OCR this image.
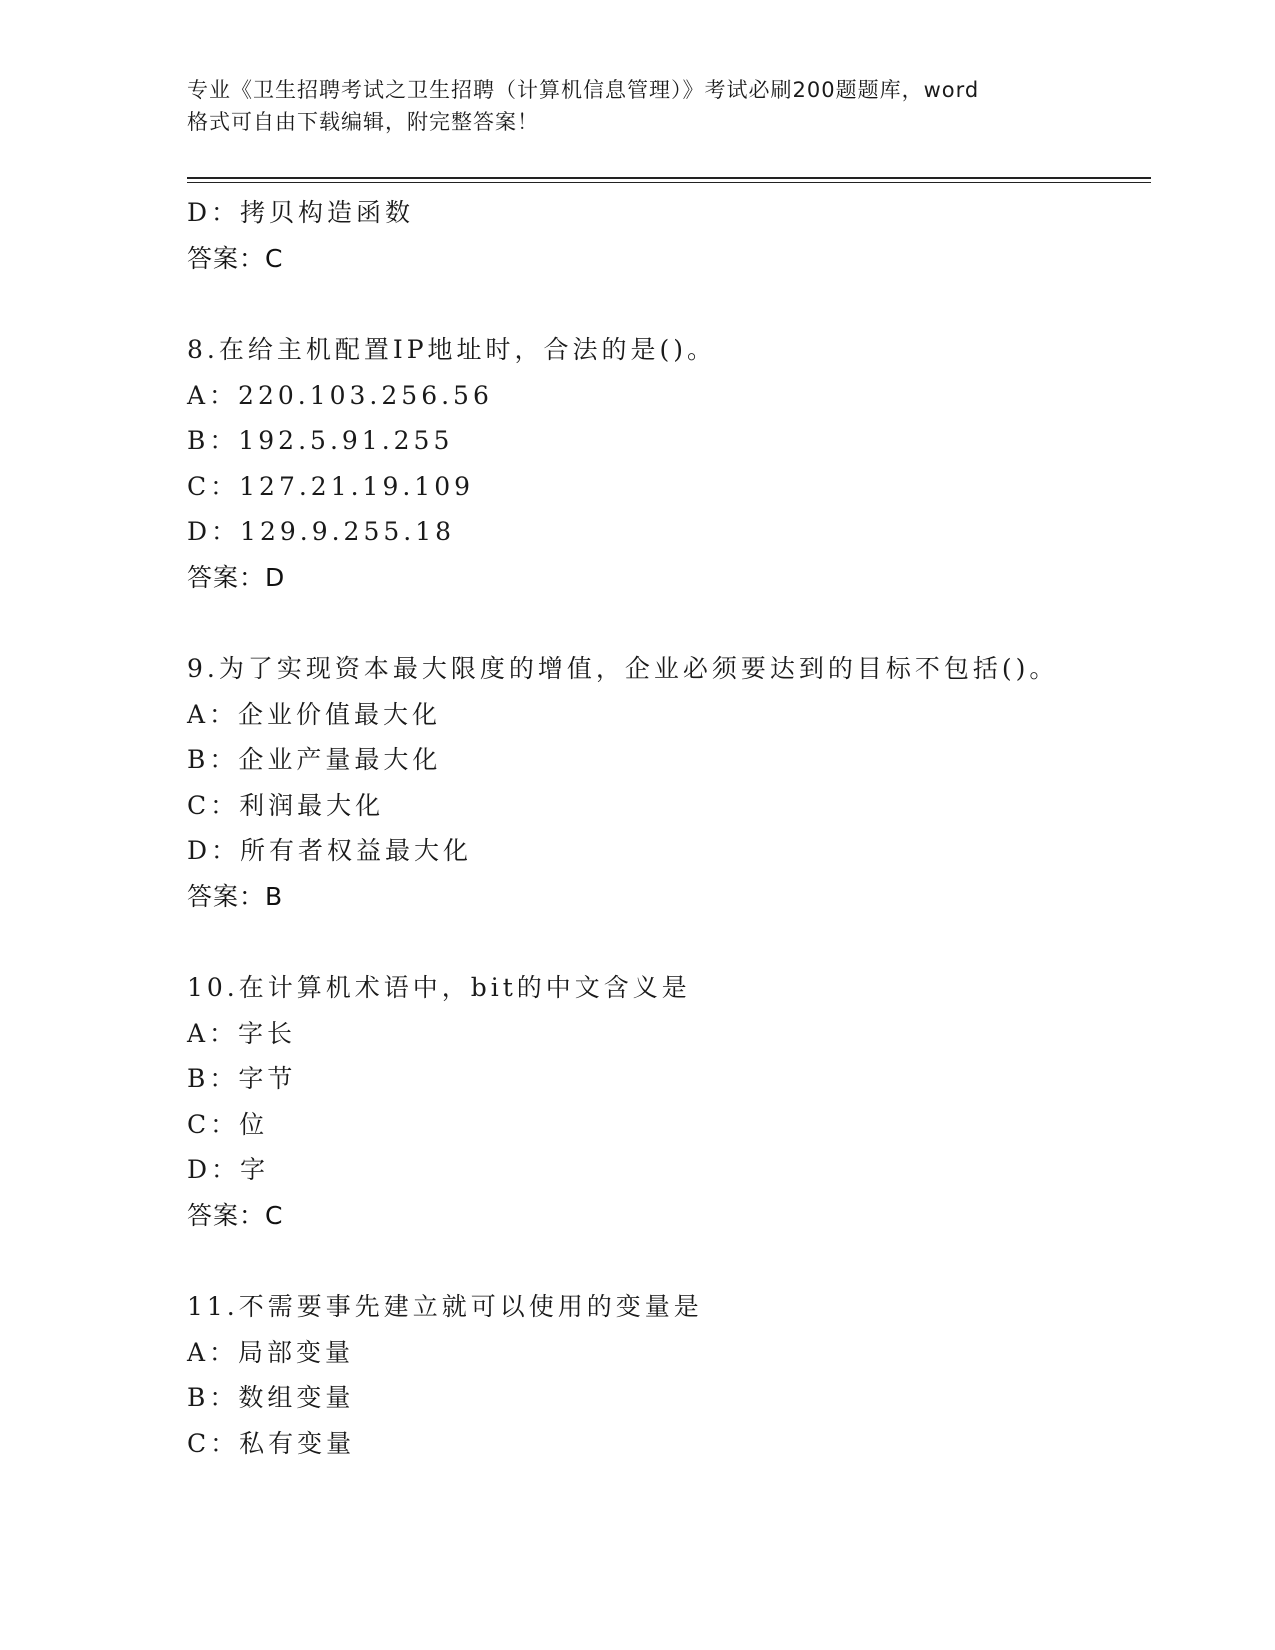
专业《卫生招聘考试之卫生招聘（计算机信息管理）》考试必刷200题题库，word
格式可自由下载编辑，附完整答案！
D：拷贝构造函数
答案：C
8.在给主机配置IP地址时，合法的是()。
A：220.103.256.56
B：192.5.91.255
C：127.21.19.109
D：129.9.255.18
答案：D
9.为了实现资本最大限度的增值，企业必须要达到的目标不包括()。
A：企业价值最大化
B：企业产量最大化
C：利润最大化
D：所有者权益最大化
答案：B
10.在计算机术语中，bit的中文含义是
A：字长
B：字节
C：位
D：字
答案：C
11.不需要事先建立就可以使用的变量是
A：局部变量
B：数组变量
C：私有变量
